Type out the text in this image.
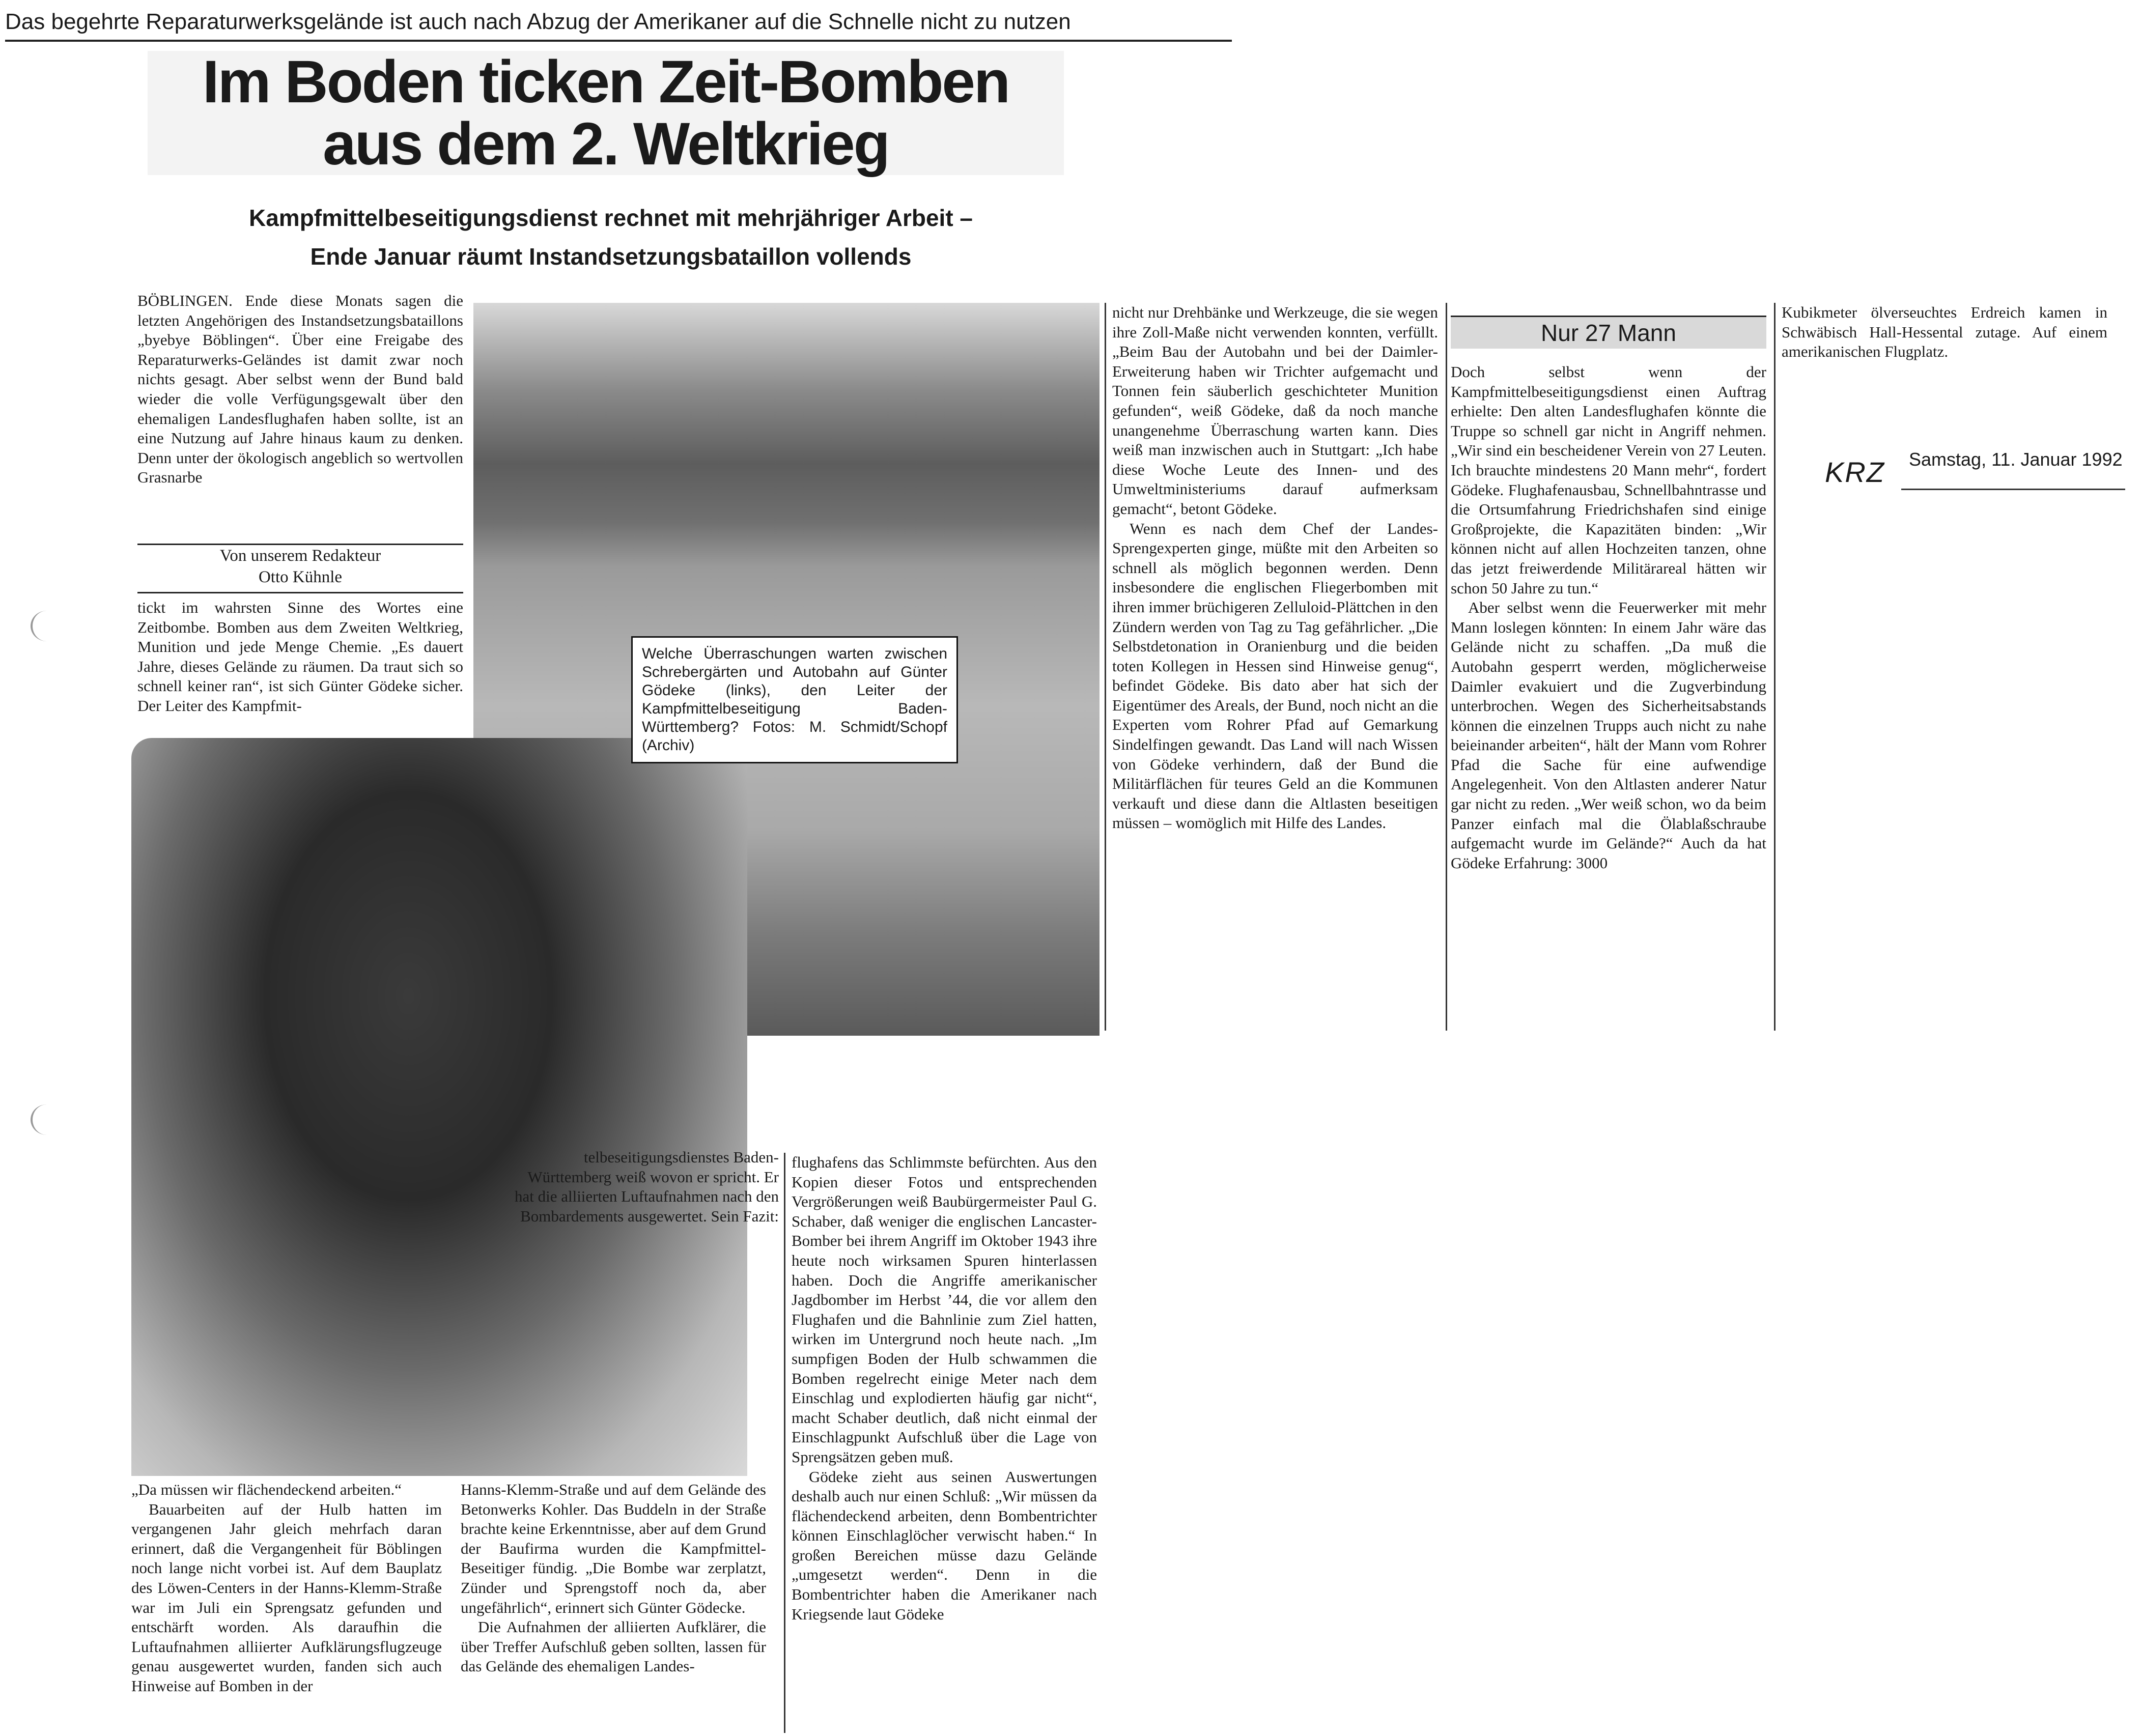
Das begehrte Reparaturwerksgelände ist auch nach Abzug der Amerikaner auf die Schnelle nicht zu nutzen
Im Boden ticken Zeit-Bomben
aus dem 2. Weltkrieg
Kampfmittelbeseitigungsdienst rechnet mit mehrjähriger Arbeit –
Ende Januar räumt Instandsetzungsbataillon vollends

BÖBLINGEN. Ende diese Monats sagen die letzten Angehörigen des Instandsetzungsbataillons „byebye Böblingen“. Über eine Freigabe des Reparaturwerks-Geländes ist damit zwar noch nichts gesagt. Aber selbst wenn der Bund bald wieder die volle Verfügungsgewalt über den ehemaligen Landesflughafen haben sollte, ist an eine Nutzung auf Jahre hinaus kaum zu denken. Denn unter der ökologisch angeblich so wertvollen Grasnarbe

Von unserem Redakteur
Otto Kühnle

tickt im wahrsten Sinne des Wortes eine Zeitbombe. Bomben aus dem Zweiten Weltkrieg, Munition und jede Menge Chemie. „Es dauert Jahre, dieses Gelände zu räumen. Da traut sich so schnell keiner ran“, ist sich Günter Gödeke sicher. Der Leiter des Kampfmit-

Welche Überraschungen warten zwischen Schrebergärten und Autobahn auf Günter Gödeke (links), den Leiter der Kampfmittelbeseitigung Baden-Württemberg? Fotos: M. Schmidt/Schopf (Archiv)

telbeseitigungsdienstes Baden-Württemberg weiß wovon er spricht. Er hat die alliierten Luftaufnahmen nach den Bombardements ausgewertet. Sein Fazit:

„Da müssen wir flächendeckend arbeiten.“

Bauarbeiten auf der Hulb hatten im vergangenen Jahr gleich mehrfach daran erinnert, daß die Vergangenheit für Böblingen noch lange nicht vorbei ist. Auf dem Bauplatz des Löwen-Centers in der Hanns-Klemm-Straße war im Juli ein Sprengsatz gefunden und entschärft worden. Als daraufhin die Luftaufnahmen alliierter Aufklärungsflugzeuge genau ausgewertet wurden, fanden sich auch Hinweise auf Bomben in der

Hanns-Klemm-Straße und auf dem Gelände des Betonwerks Kohler. Das Buddeln in der Straße brachte keine Erkenntnisse, aber auf dem Grund der Baufirma wurden die Kampfmittel-Beseitiger fündig. „Die Bombe war zerplatzt, Zünder und Sprengstoff noch da, aber ungefährlich“, erinnert sich Günter Gödecke.

Die Aufnahmen der alliierten Aufklärer, die über Treffer Aufschluß geben sollten, lassen für das Gelände des ehemaligen Landes-

flughafens das Schlimmste befürchten. Aus den Kopien dieser Fotos und entsprechenden Vergrößerungen weiß Baubürgermeister Paul G. Schaber, daß weniger die englischen Lancaster-Bomber bei ihrem Angriff im Oktober 1943 ihre heute noch wirksamen Spuren hinterlassen haben. Doch die Angriffe amerikanischer Jagdbomber im Herbst ’44, die vor allem den Flughafen und die Bahnlinie zum Ziel hatten, wirken im Untergrund noch heute nach. „Im sumpfigen Boden der Hulb schwammen die Bomben regelrecht einige Meter nach dem Einschlag und explodierten häufig gar nicht“, macht Schaber deutlich, daß nicht einmal der Einschlagpunkt Aufschluß über die Lage von Sprengsätzen geben muß.

Gödeke zieht aus seinen Auswertungen deshalb auch nur einen Schluß: „Wir müssen da flächendeckend arbeiten, denn Bombentrichter können Einschlaglöcher verwischt haben.“ In großen Bereichen müsse dazu Gelände „umgesetzt werden“. Denn in die Bombentrichter haben die Amerikaner nach Kriegsende laut Gödeke

nicht nur Drehbänke und Werkzeuge, die sie wegen ihre Zoll-Maße nicht verwenden konnten, verfüllt. „Beim Bau der Autobahn und bei der Daimler-Erweiterung haben wir Trichter aufgemacht und Tonnen fein säuberlich geschichteter Munition gefunden“, weiß Gödeke, daß da noch manche unangenehme Überraschung warten kann. Dies weiß man inzwischen auch in Stuttgart: „Ich habe diese Woche Leute des Innen- und des Umweltministeriums darauf aufmerksam gemacht“, betont Gödeke.

Wenn es nach dem Chef der Landes-Sprengexperten ginge, müßte mit den Arbeiten so schnell als möglich begonnen werden. Denn insbesondere die englischen Fliegerbomben mit ihren immer brüchigeren Zelluloid-Plättchen in den Zündern werden von Tag zu Tag gefährlicher. „Die Selbstdetonation in Oranienburg und die beiden toten Kollegen in Hessen sind Hinweise genug“, befindet Gödeke. Bis dato aber hat sich der Eigentümer des Areals, der Bund, noch nicht an die Experten vom Rohrer Pfad auf Gemarkung Sindelfingen gewandt. Das Land will nach Wissen von Gödeke verhindern, daß der Bund die Militärflächen für teures Geld an die Kommunen verkauft und diese dann die Altlasten beseitigen müssen – womöglich mit Hilfe des Landes.

Nur 27 Mann

Doch selbst wenn der Kampfmittelbeseitigungsdienst einen Auftrag erhielte: Den alten Landesflughafen könnte die Truppe so schnell gar nicht in Angriff nehmen. „Wir sind ein bescheidener Verein von 27 Leuten. Ich brauchte mindestens 20 Mann mehr“, fordert Gödeke. Flughafenausbau, Schnellbahntrasse und die Ortsumfahrung Friedrichshafen sind einige Großprojekte, die Kapazitäten binden: „Wir können nicht auf allen Hochzeiten tanzen, ohne das jetzt freiwerdende Militärareal hätten wir schon 50 Jahre zu tun.“

Aber selbst wenn die Feuerwerker mit mehr Mann loslegen könnten: In einem Jahr wäre das Gelände nicht zu schaffen. „Da muß die Autobahn gesperrt werden, möglicherweise Daimler evakuiert und die Zugverbindung unterbrochen. Wegen des Sicherheitsabstands können die einzelnen Trupps auch nicht zu nahe beieinander arbeiten“, hält der Mann vom Rohrer Pfad die Sache für eine aufwendige Angelegenheit. Von den Altlasten anderer Natur gar nicht zu reden. „Wer weiß schon, wo da beim Panzer einfach mal die Ölablaßschraube aufgemacht wurde im Gelände?“ Auch da hat Gödeke Erfahrung: 3000

Kubikmeter ölverseuchtes Erdreich kamen in Schwäbisch Hall-Hessental zutage. Auf einem amerikanischen Flugplatz.

KRZ Samstag, 11. Januar 1992
